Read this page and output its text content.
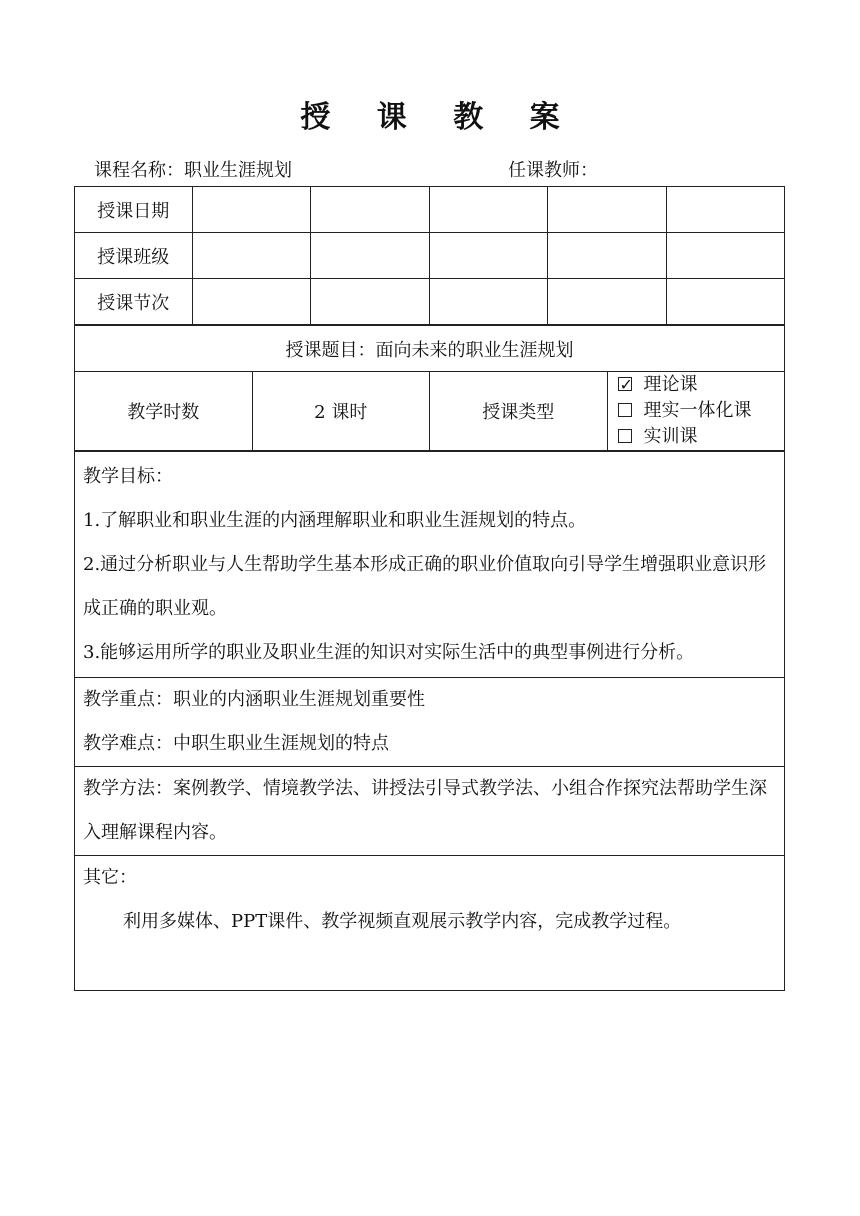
授 课 教 案
课程名称：职业生涯规划	任课教师：
授课日期					
授课班级					
授课节次					
授课题目：面向未来的职业生涯规划
教学时数	2 课时	授课类型	
✓理论课
理实一体化课
实训课
教学目标：
1.了解职业和职业生涯的内涵理解职业和职业生涯规划的特点。
2.通过分析职业与人生帮助学生基本形成正确的职业价值取向引导学生增强职业意识形成正确的职业观。
3.能够运用所学的职业及职业生涯的知识对实际生活中的典型事例进行分析。

教学重点：职业的内涵职业生涯规划重要性
教学难点：中职生职业生涯规划的特点

教学方法：案例教学、情境教学法、讲授法引导式教学法、小组合作探究法帮助学生深入理解课程内容。

其它：
利用多媒体、PPT课件、教学视频直观展示教学内容，完成教学过程。
